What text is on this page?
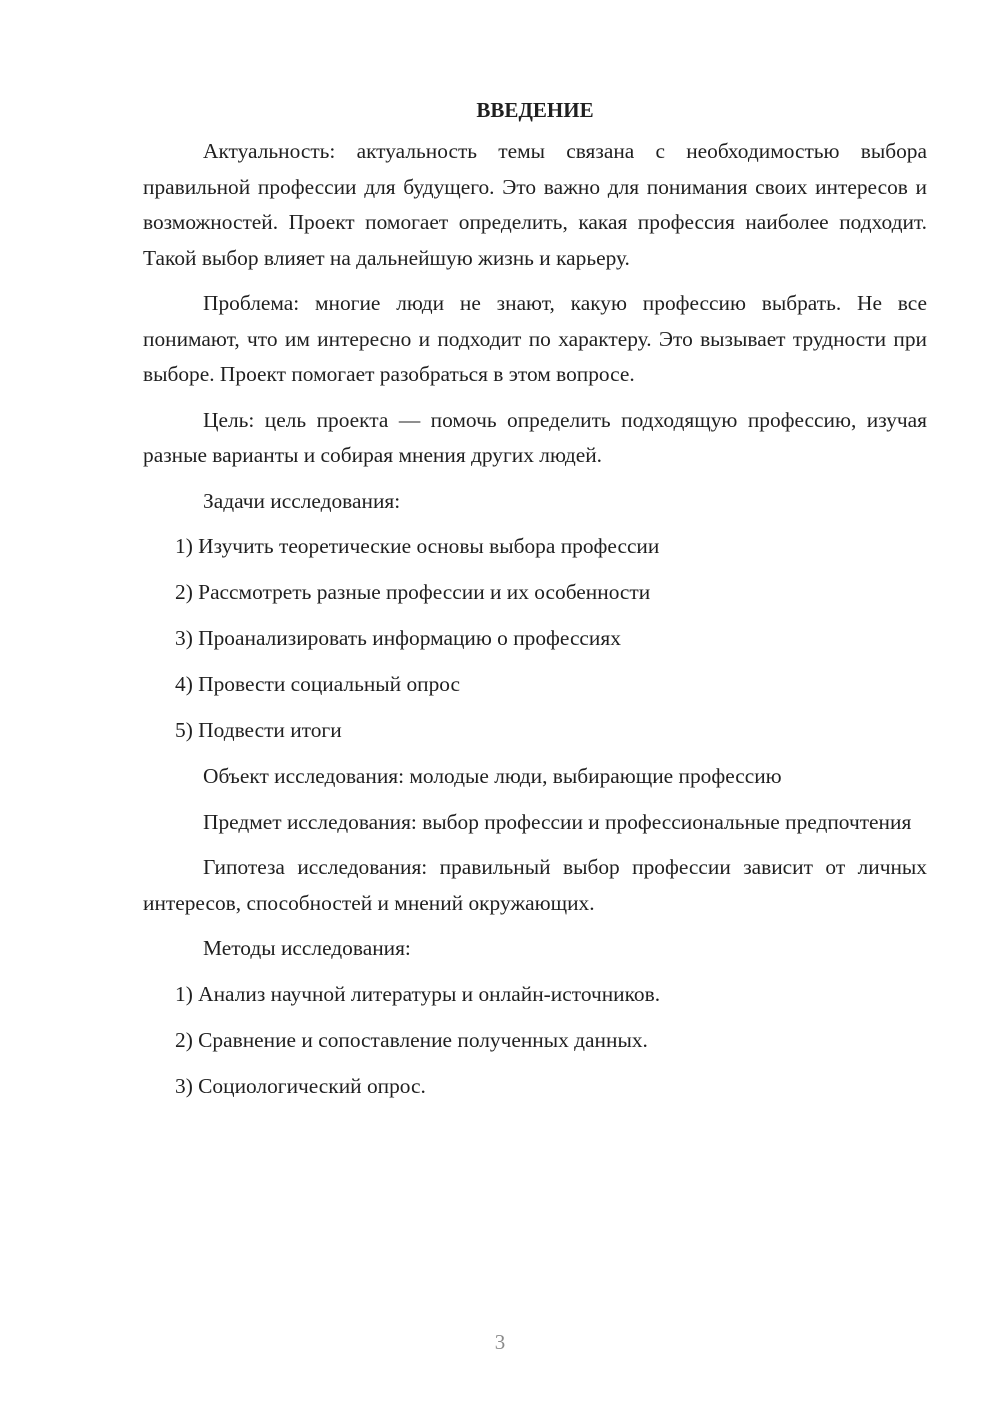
ВВЕДЕНИЕ

Актуальность: актуальность темы связана с необходимостью выбора правильной профессии для будущего. Это важно для понимания своих интересов и возможностей. Проект помогает определить, какая профессия наиболее подходит. Такой выбор влияет на дальнейшую жизнь и карьеру.

Проблема: многие люди не знают, какую профессию выбрать. Не все понимают, что им интересно и подходит по характеру. Это вызывает трудности при выборе. Проект помогает разобраться в этом вопросе.

Цель: цель проекта — помочь определить подходящую профессию, изучая разные варианты и собирая мнения других людей.

Задачи исследования:

1) Изучить теоретические основы выбора профессии

2) Рассмотреть разные профессии и их особенности

3) Проанализировать информацию о профессиях

4) Провести социальный опрос

5) Подвести итоги

Объект исследования: молодые люди, выбирающие профессию

Предмет исследования: выбор профессии и профессиональные предпочтения

Гипотеза исследования: правильный выбор профессии зависит от личных интересов, способностей и мнений окружающих.

Методы исследования:

1) Анализ научной литературы и онлайн-источников.

2) Сравнение и сопоставление полученных данных.

3) Социологический опрос.

3
